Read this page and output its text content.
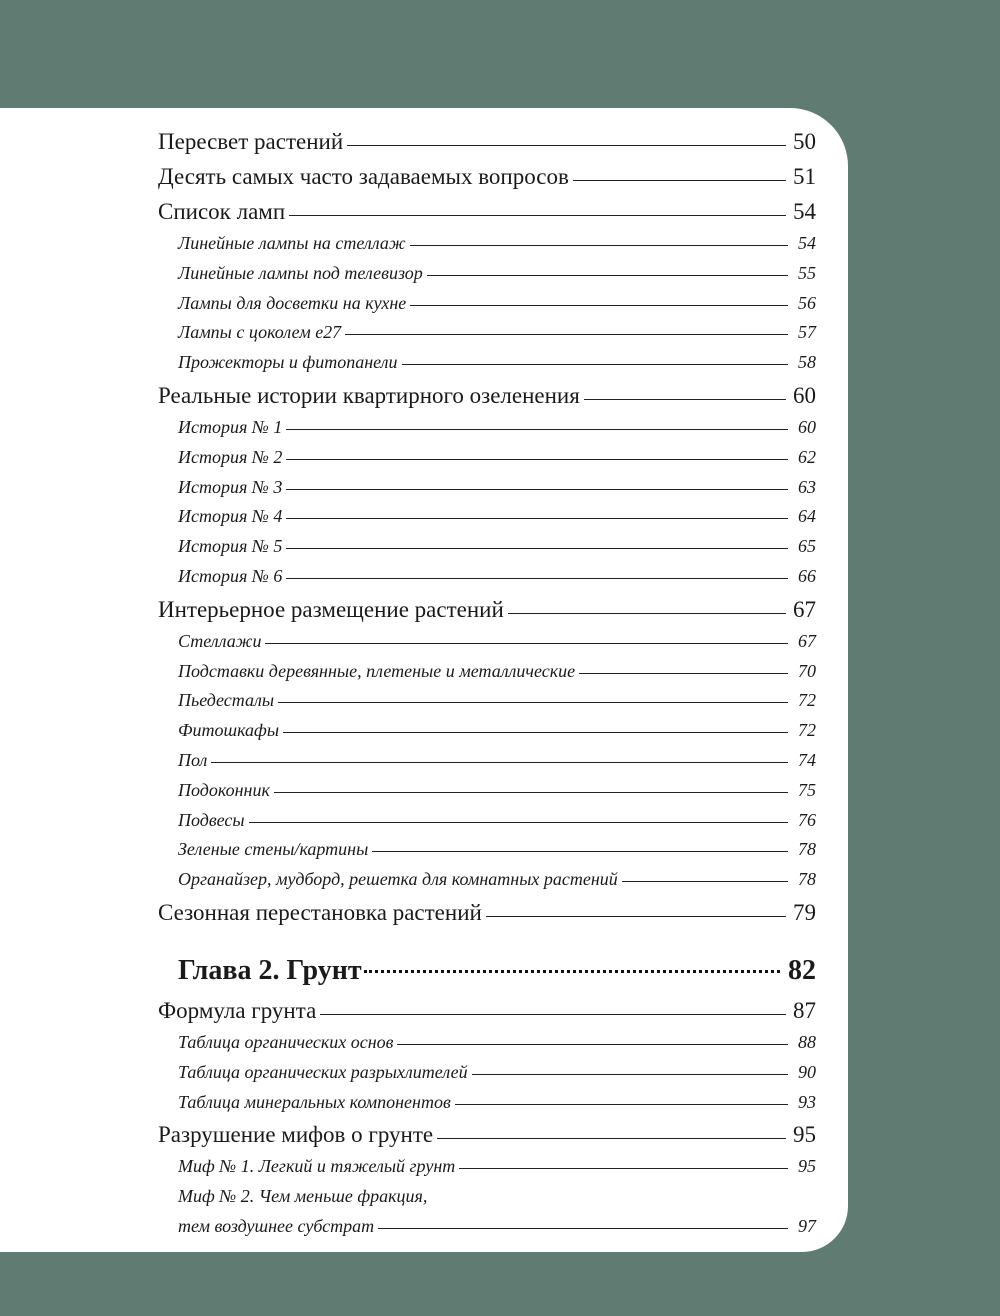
Пересвет растений	50
Десять самых часто задаваемых вопросов	51
Список ламп	54
Линейные лампы на стеллаж	54
Линейные лампы под телевизор	55
Лампы для досветки на кухне	56
Лампы с цоколем е27	57
Прожекторы и фитопанели	58
Реальные истории квартирного озеленения	60
История № 1	60
История № 2	62
История № 3	63
История № 4	64
История № 5	65
История № 6	66
Интерьерное размещение растений	67
Стеллажи	67
Подставки деревянные, плетеные и металлические	70
Пьедесталы	72
Фитошкафы	72
Пол	74
Подоконник	75
Подвесы	76
Зеленые стены/картины	78
Органайзер, мудборд, решетка для комнатных растений	78
Сезонная перестановка растений	79
Глава 2. Грунт	82
Формула грунта	87
Таблица органических основ	88
Таблица органических разрыхлителей	90
Таблица минеральных компонентов	93
Разрушение мифов о грунте	95
Миф № 1. Легкий и тяжелый грунт	95
Миф № 2. Чем меньше фракция,
тем воздушнее субстрат	97
